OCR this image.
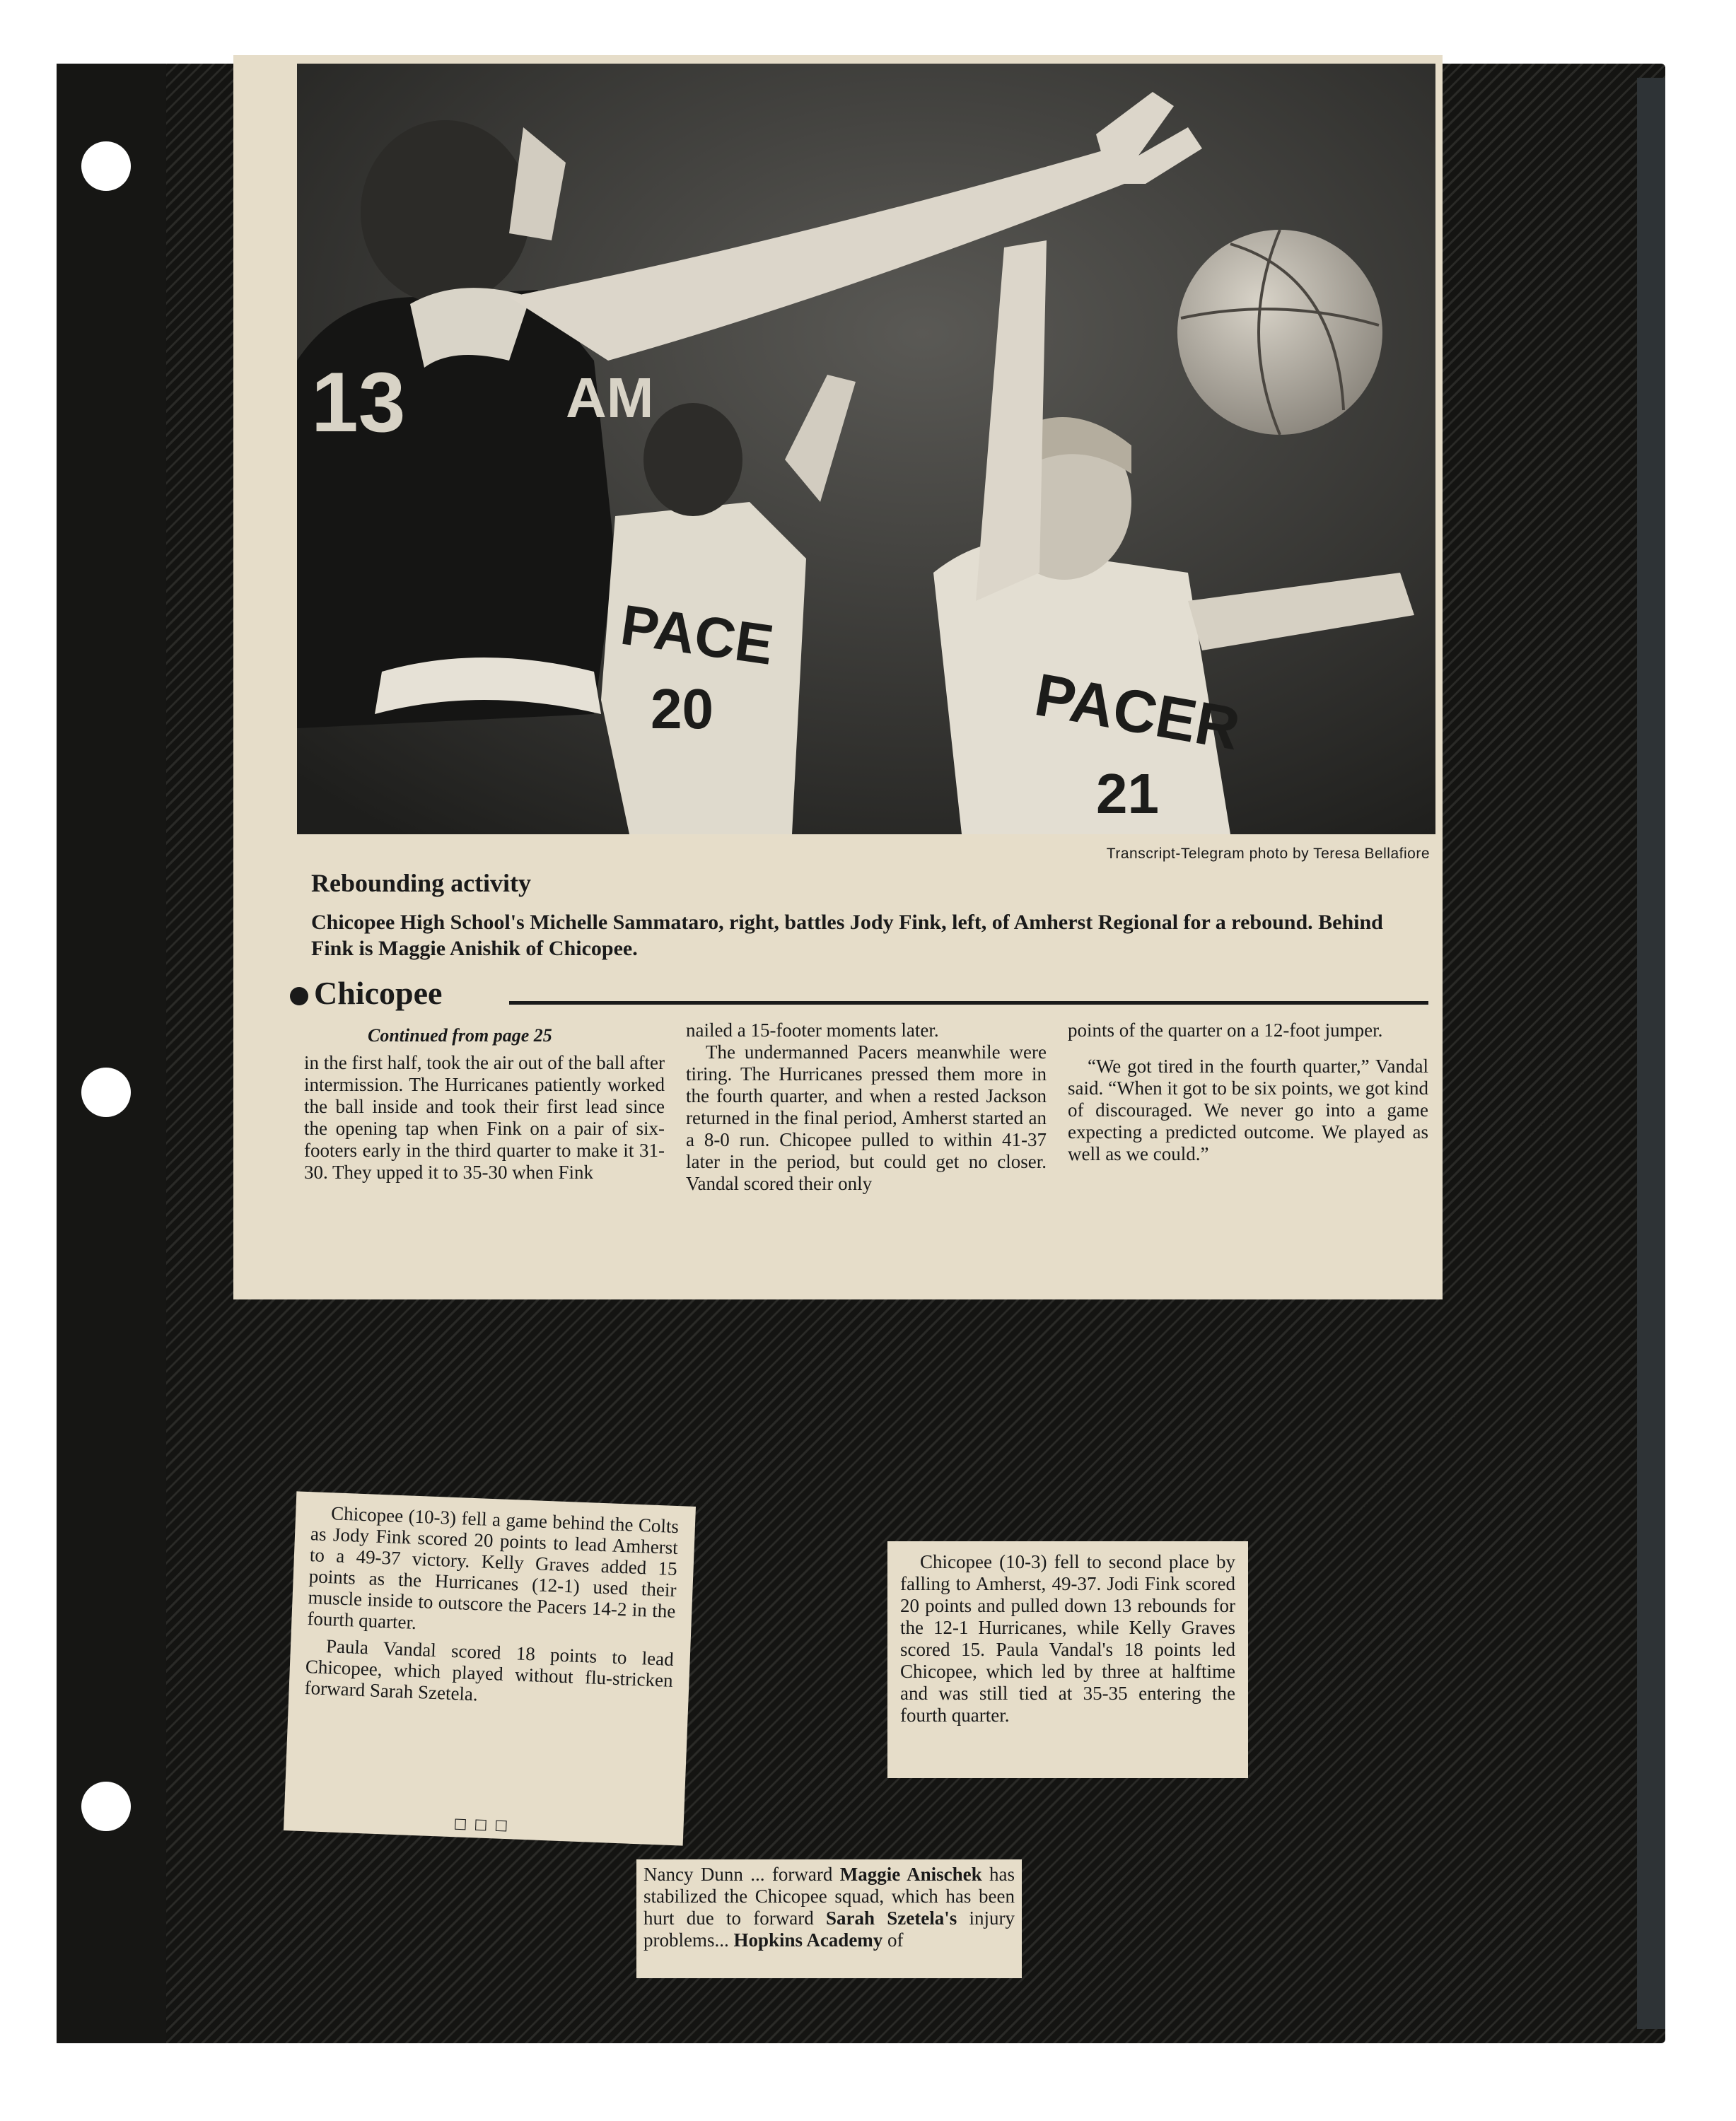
AM
13
PACE
20	PACER
21
Transcript-Telegram photo by Teresa Bellafiore
Rebounding activity
Chicopee High School's Michelle Sammataro, right, battles Jody Fink, left, of Amherst Regional for a rebound. Behind Fink is Maggie Anishik of Chicopee.
Chicopee
Continued from page 25

in the first half, took the air out of the ball after intermission. The Hurricanes patiently worked the ball inside and took their first lead since the opening tap when Fink on a pair of six-footers early in the third quarter to make it 31-30. They upped it to 35-30 when Fink

nailed a 15-footer moments later.

The undermanned Pacers meanwhile were tiring. The Hurricanes pressed them more in the fourth quarter, and when a rested Jackson returned in the final period, Amherst started an a 8-0 run. Chicopee pulled to within 41-37 later in the period, but could get no closer. Vandal scored their only

points of the quarter on a 12-foot jumper.

“We got tired in the fourth quarter,” Vandal said. “When it got to be six points, we got kind of discouraged. We never go into a game expecting a predicted outcome. We played as well as we could.”

Chicopee (10-3) fell a game behind the Colts as Jody Fink scored 20 points to lead Amherst to a 49-37 victory. Kelly Graves added 15 points as the Hurricanes (12-1) used their muscle inside to outscore the Pacers 14-2 in the fourth quarter.

Paula Vandal scored 18 points to lead Chicopee, which played without flu-stricken forward Sarah Szetela.

□□□
Chicopee (10-3) fell to second place by falling to Amherst, 49-37. Jodi Fink scored 20 points and pulled down 13 rebounds for the 12-1 Hurricanes, while Kelly Graves scored 15. Paula Vandal's 18 points led Chicopee, which led by three at halftime and was still tied at 35-35 entering the fourth quarter.
Nancy Dunn ... forward Maggie Anischek has stabilized the Chicopee squad, which has been hurt due to forward Sarah Szetela's injury problems... Hopkins Academy of
